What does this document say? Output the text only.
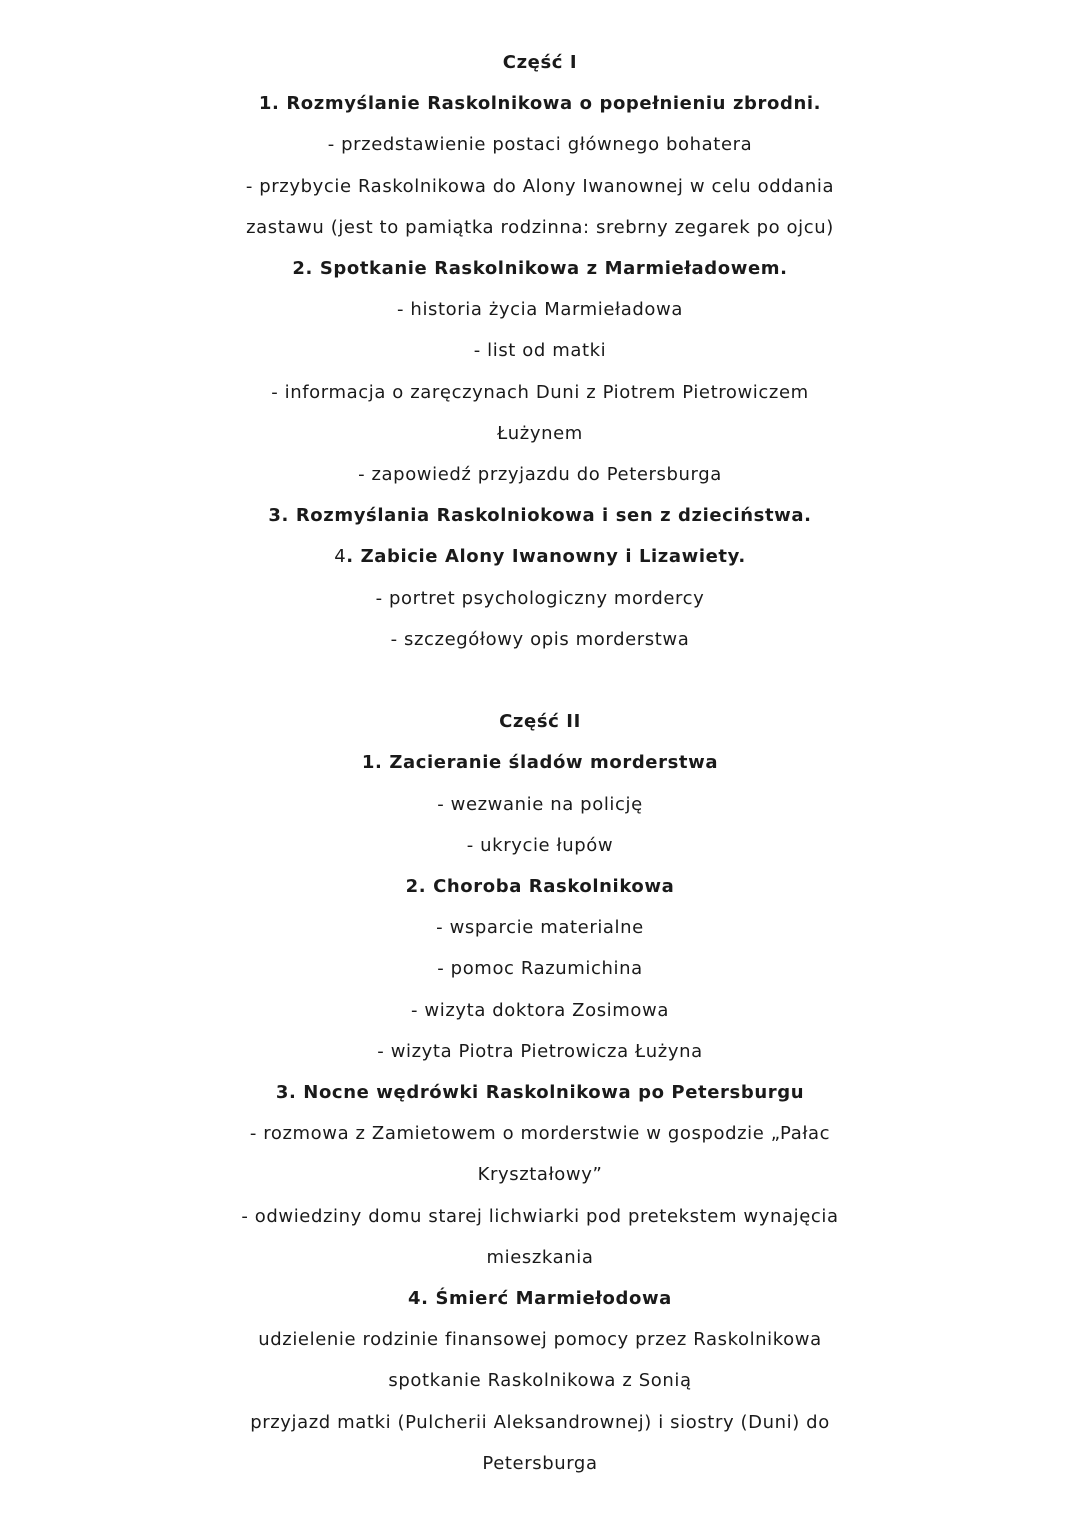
Część I

1. Rozmyślanie Raskolnikowa o popełnieniu zbrodni.

- przedstawienie postaci głównego bohatera

- przybycie Raskolnikowa do Alony Iwanownej w celu oddania

zastawu (jest to pamiątka rodzinna: srebrny zegarek po ojcu)

2. Spotkanie Raskolnikowa z Marmieładowem.

- historia życia Marmieładowa

- list od matki

- informacja o zaręczynach Duni z Piotrem Pietrowiczem

Łużynem

- zapowiedź przyjazdu do Petersburga

3. Rozmyślania Raskolniokowa i sen z dzieciństwa.

4. Zabicie Alony Iwanowny i Lizawiety.

- portret psychologiczny mordercy

- szczegółowy opis morderstwa

Część II

1. Zacieranie śladów morderstwa

- wezwanie na policję

- ukrycie łupów

2. Choroba Raskolnikowa

- wsparcie materialne

- pomoc Razumichina

- wizyta doktora Zosimowa

- wizyta Piotra Pietrowicza Łużyna

3. Nocne wędrówki Raskolnikowa po Petersburgu

- rozmowa z Zamietowem o morderstwie w gospodzie „Pałac

Kryształowy”

- odwiedziny domu starej lichwiarki pod pretekstem wynajęcia

mieszkania

4. Śmierć Marmiełodowa

udzielenie rodzinie finansowej pomocy przez Raskolnikowa

spotkanie Raskolnikowa z Sonią

przyjazd matki (Pulcherii Aleksandrownej) i siostry (Duni) do

Petersburga
